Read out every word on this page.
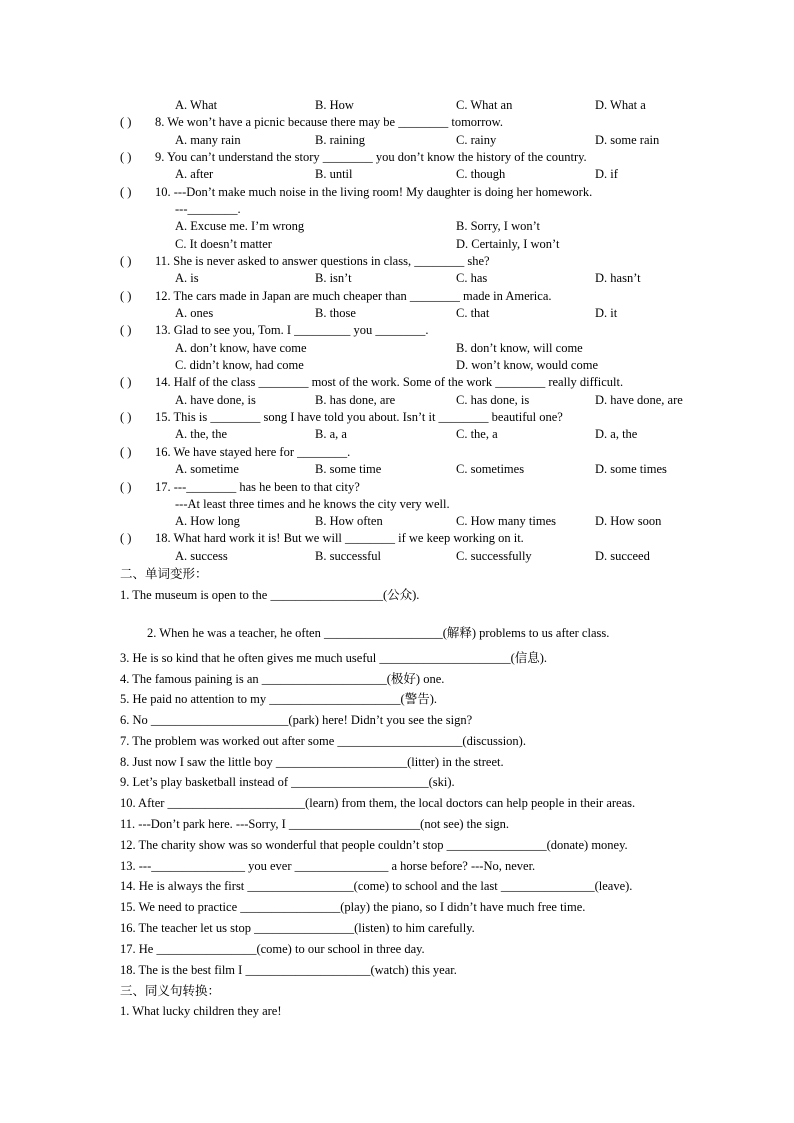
A. What	B. How	C. What an	D. What a
( ) 8. We won’t have a picnic because there may be ________ tomorrow.
A. many rain	B. raining	C. rainy	D. some rain
( ) 9. You can’t understand the story ________ you don’t know the history of the country.
A. after	B. until	C. though	D. if
( ) 10. ---Don’t make much noise in the living room! My daughter is doing her homework.
---________.
A. Excuse me. I’m wrong	B. Sorry, I won’t
C. It doesn’t matter	D. Certainly, I won’t
( ) 11. She is never asked to answer questions in class, ________ she?
A. is	B. isn’t	C. has	D. hasn’t
( ) 12. The cars made in Japan are much cheaper than ________ made in America.
A. ones	B. those	C. that	D. it
( ) 13. Glad to see you, Tom. I _________ you ________.
A. don’t know, have come	B. don’t know, will come
C. didn’t know, had come	D. won’t know, would come
( ) 14. Half of the class ________ most of the work. Some of the work ________ really difficult.
A. have done, is	B. has done, are	C. has done, is	D. have done, are
( ) 15. This is ________ song I have told you about. Isn’t it ________ beautiful one?
A. the, the	B. a, a	C. the, a	D. a, the
( ) 16. We have stayed here for ________.
A. sometime	B. some time	C. sometimes	D. some times
( ) 17. ---________ has he been to that city?
---At least three times and he knows the city very well.
A. How long	B. How often	C. How many times	D. How soon
( ) 18. What hard work it is! But we will ________ if we keep working on it.
A. success	B. successful	C. successfully	D. succeed
二、单词变形：
1. The museum is open to the __________________(公众).
2. When he was a teacher, he often ___________________(解释) problems to us after class.
3. He is so kind that he often gives me much useful _____________________(信息).
4. The famous paining is an ____________________(极好) one.
5. He paid no attention to my _____________________(警告).
6. No ______________________(park) here! Didn’t you see the sign?
7. The problem was worked out after some ____________________(discussion).
8. Just now I saw the little boy _____________________(litter) in the street.
9. Let’s play basketball instead of ______________________(ski).
10. After ______________________(learn) from them, the local doctors can help people in their areas.
11. ---Don’t park here. ---Sorry, I _____________________(not see) the sign.
12. The charity show was so wonderful that people couldn’t stop ________________(donate) money.
13. ---_______________ you ever _______________ a horse before? ---No, never.
14. He is always the first _________________(come) to school and the last _______________(leave).
15. We need to practice ________________(play) the piano, so I didn’t have much free time.
16. The teacher let us stop ________________(listen) to him carefully.
17. He ________________(come) to our school in three day.
18. The is the best film I ____________________(watch) this year.
三、同义句转换：
1. What lucky children they are!
